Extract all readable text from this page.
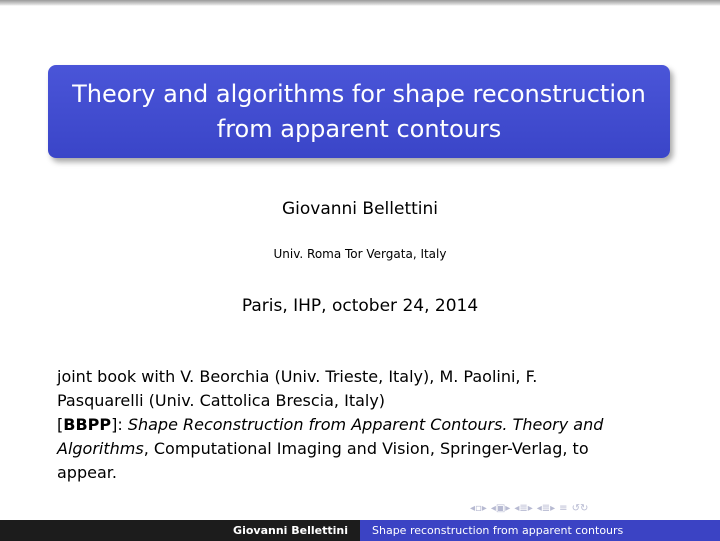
Theory and algorithms for shape reconstruction
from apparent contours
Giovanni Bellettini
Univ. Roma Tor Vergata, Italy
Paris, IHP, october 24, 2014
joint book with V. Beorchia (Univ. Trieste, Italy), M. Paolini, F.
Pasquarelli (Univ. Cattolica Brescia, Italy)
[BBPP]: Shape Reconstruction from Apparent Contours. Theory and
Algorithms, Computational Imaging and Vision, Springer-Verlag, to
appear.
◂▫▸ ◂▣▸ ◂≣▸ ◂≣▸ ≡ ↺↻
Giovanni Bellettini	Shape reconstruction from apparent contours
